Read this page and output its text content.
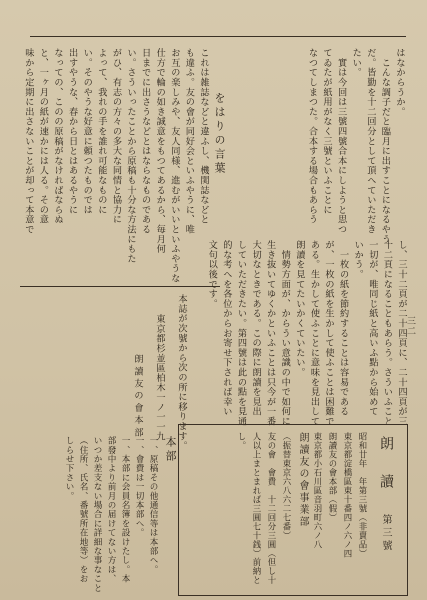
三二
をはりの言葉
これは雑誌などと違ふし、機関誌などと
も違ふ。友の會が同好会といふやうに、唯
お互の楽しみや、友人同様、進むがいいといふやうな
仕方で輪の如き誠意をもつてあるから、毎月何
日までに出さうなどとはならなものである
い。さういったことから原稿も十分な方法にもた
がひ、有志の方々の多大な同情と協力に
よって、我れの手を誰れ可能なものに
い。そのやうな好意に頼つたものでは
出すやうな、春から日とはあるやうに
なっての、このの原稿がなければならぬ
と、一ヶ月の紙が速かには人る。その意
味から定期に出さないことが却って本意で
し、三十二頁が二十四頁に、二十四頁が三
十二頁になることもあらう。さういふこと
一切が、唯同じ紙と高いふ點から始めて
いかう。
　一枚の紙を節約することは容易である
が、一枚の紙を生かして使ふことは困難で
ある。生かして使ふことに意味を見出して
朗讀を見てたいかくていたい。
　情勢方面が、からうい意識の中で如何に
生き抜いてゆくかといふことは只今が一番
大切なときである。この際に朗讀を見出
していただきたい。第四號は此の點を見通
的な考へを各位からお寄せ下されば幸い
文句以後です。
はなからうか。
　こんな調子だと臨月に出すことになるやう
だ。皆勤を十二回分として頂へていただき
たい。
　實は今回は三號四號合本にしようと思つ
てゐたが紙用がなく三號といふことに
なつてしまつた。合本する場合もあらう
本誌が次號から次の所に移ります。
東京都杉並區柏木一ノ一一九
朗讀友の會本部
朗　讀
第三號
昭和廿年　年第三號（非賣品）
東京都淀橋區東十番四ノ六ノ四
朗讀友の會本部（假）
東京都小石川區音羽町六ノ八
朗讀友の會事業部
（振替東京六八六二七番）
友の會　會費　十二回分三圓（但し十
人以上まとまれば三圓七十銭）前納と
し。
本部
一、原稿その他通信等は本部へ。
一、會費は一切本部へ。
一、本部に会員名簿を設けたし。本
部發中より前月の届けてない方は、
いつか差支ない場合に詳細な事なこと
（住所、氏名、番號所在地等）をお
しらせ下さい。
